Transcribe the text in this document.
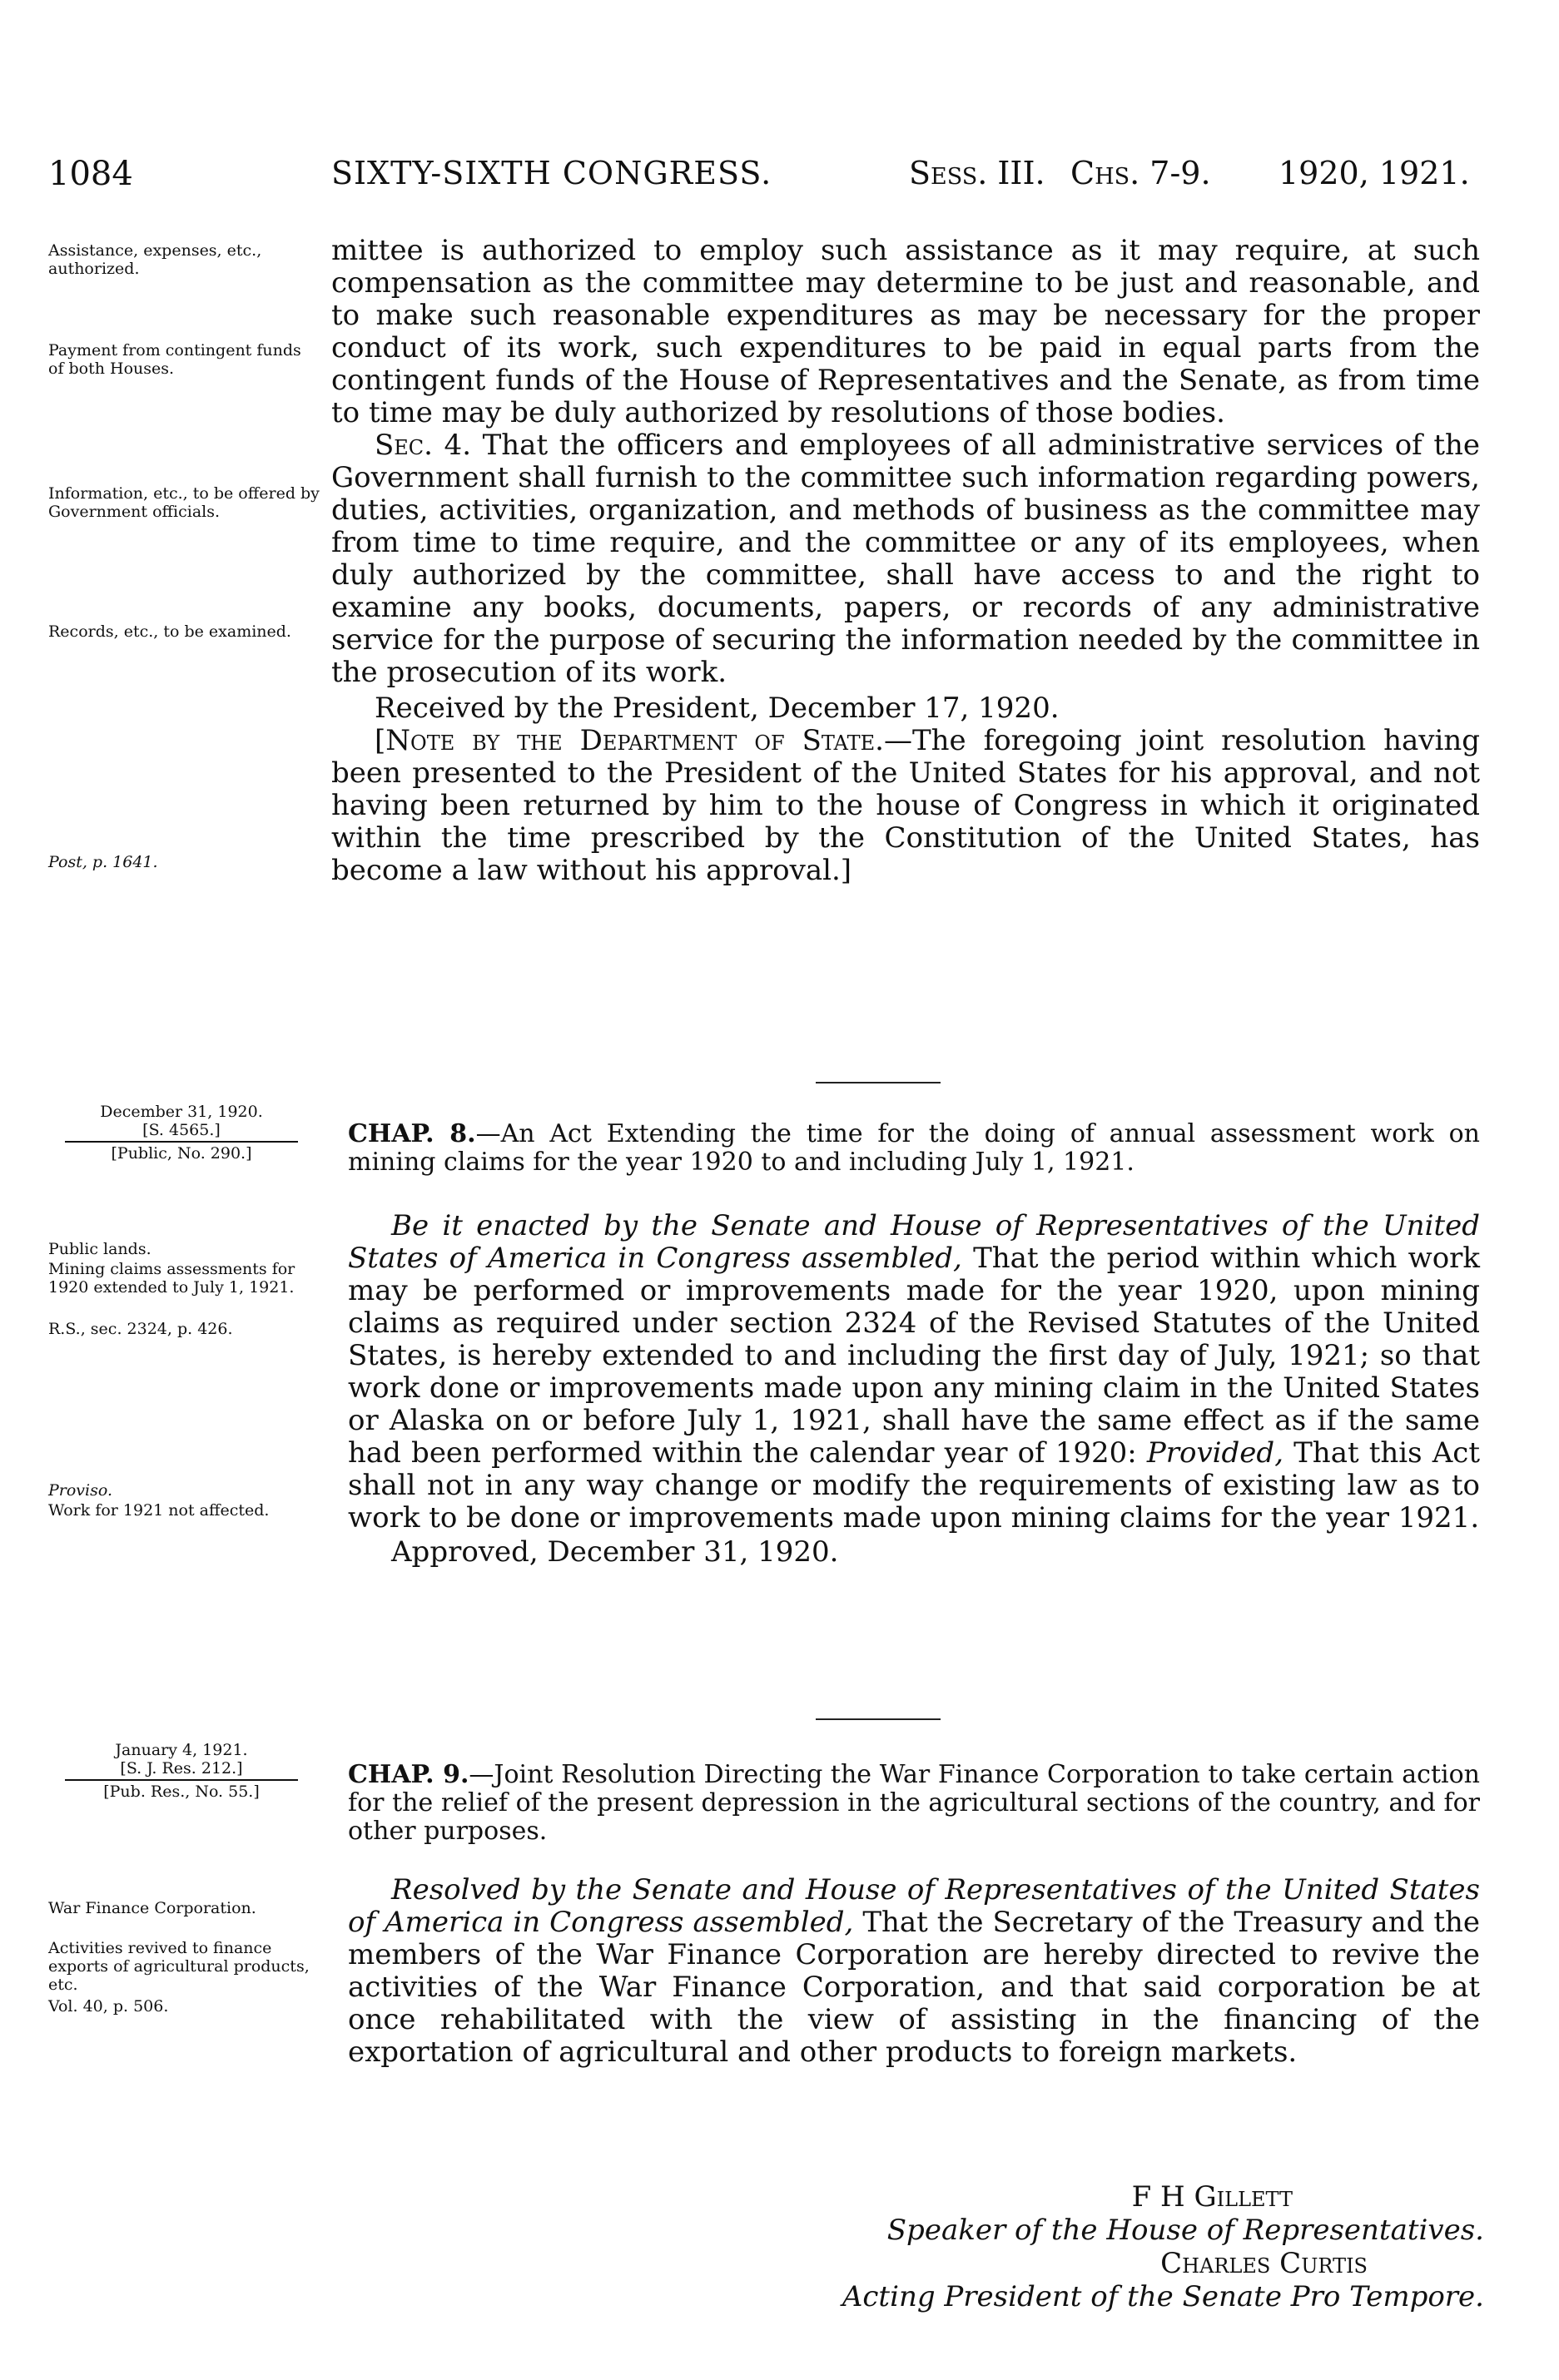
1084	SIXTY-SIXTH CONGRESS.	Sess. III. Chs. 7-9. 1920, 1921.
Assistance, expenses, etc., authorized.
Payment from contingent funds of both Houses.
Information, etc., to be offered by Government officials.
Records, etc., to be examined.
Post, p. 1641.

mittee is authorized to employ such assistance as it may require, at such compensation as the committee may determine to be just and reasonable, and to make such reasonable expenditures as may be necessary for the proper conduct of its work, such expenditures to be paid in equal parts from the contingent funds of the House of Representatives and the Senate, as from time to time may be duly authorized by resolutions of those bodies.

Sec. 4. That the officers and employees of all administrative services of the Government shall furnish to the committee such information regarding powers, duties, activities, organization, and methods of business as the committee may from time to time require, and the committee or any of its employees, when duly authorized by the committee, shall have access to and the right to examine any books, documents, papers, or records of any administrative service for the purpose of securing the information needed by the committee in the prosecution of its work.

Received by the President, December 17, 1920.

[Note by the Department of State.—The foregoing joint resolution having been presented to the President of the United States for his approval, and not having been returned by him to the house of Congress in which it originated within the time prescribed by the Constitution of the United States, has become a law without his approval.]

December 31, 1920.
[S. 4565.]
[Public, No. 290.]

CHAP. 8.—An Act Extending the time for the doing of annual assessment work on mining claims for the year 1920 to and including July 1, 1921.

Public lands.
Mining claims assessments for 1920 extended to July 1, 1921.
R.S., sec. 2324, p. 426.
Proviso.
Work for 1921 not affected.

Be it enacted by the Senate and House of Representatives of the United States of America in Congress assembled, That the period within which work may be performed or improvements made for the year 1920, upon mining claims as required under section 2324 of the Revised Statutes of the United States, is hereby extended to and including the first day of July, 1921; so that work done or improvements made upon any mining claim in the United States or Alaska on or before July 1, 1921, shall have the same effect as if the same had been performed within the calendar year of 1920: Provided, That this Act shall not in any way change or modify the requirements of existing law as to work to be done or improvements made upon mining claims for the year 1921.

Approved, December 31, 1920.

January 4, 1921.
[S. J. Res. 212.]
[Pub. Res., No. 55.]

CHAP. 9.—Joint Resolution Directing the War Finance Corporation to take certain action for the relief of the present depression in the agricultural sections of the country, and for other purposes.

War Finance Corporation.
Activities revived to finance exports of agricultural products, etc.
Vol. 40, p. 506.

Resolved by the Senate and House of Representatives of the United States of America in Congress assembled, That the Secretary of the Treasury and the members of the War Finance Corporation are hereby directed to revive the activities of the War Finance Corporation, and that said corporation be at once rehabilitated with the view of assisting in the financing of the exportation of agricultural and other products to foreign markets.

F H Gillett
Speaker of the House of Representatives.
Charles Curtis
Acting President of the Senate Pro Tempore.
